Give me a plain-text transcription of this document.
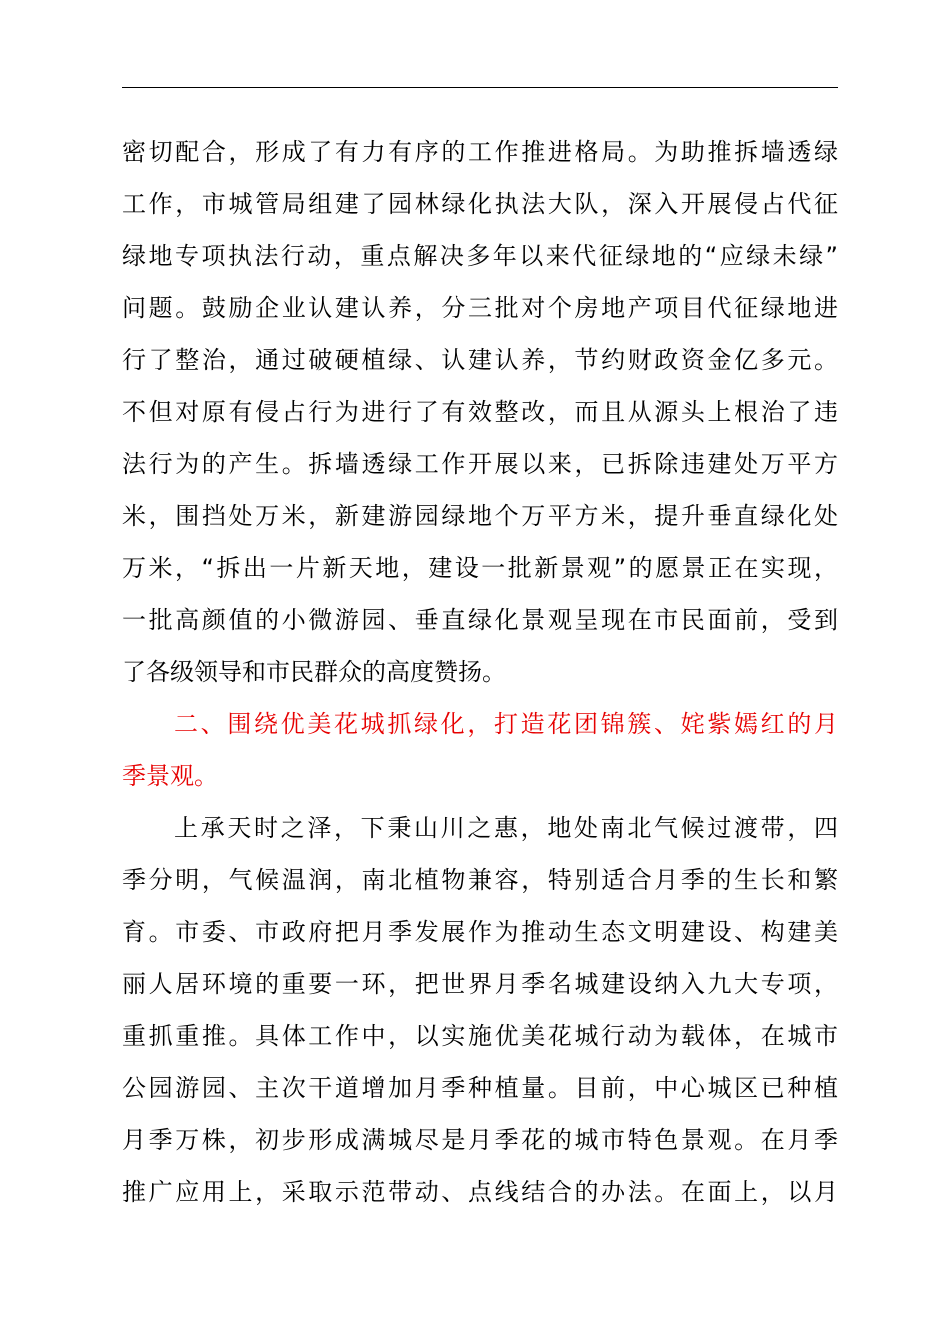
密切配合，形成了有力有序的工作推进格局。为助推拆墙透绿
工作，市城管局组建了园林绿化执法大队，深入开展侵占代征
绿地专项执法行动，重点解决多年以来代征绿地的“应绿未绿”
问题。鼓励企业认建认养，分三批对个房地产项目代征绿地进
行了整治，通过破硬植绿、认建认养，节约财政资金亿多元。
不但对原有侵占行为进行了有效整改，而且从源头上根治了违
法行为的产生。拆墙透绿工作开展以来，已拆除违建处万平方
米，围挡处万米，新建游园绿地个万平方米，提升垂直绿化处
万米，“拆出一片新天地，建设一批新景观”的愿景正在实现，
一批高颜值的小微游园、垂直绿化景观呈现在市民面前，受到
了各级领导和市民群众的高度赞扬。
二、围绕优美花城抓绿化，打造花团锦簇、姹紫嫣红的月
季景观。
上承天时之泽，下秉山川之惠，地处南北气候过渡带，四
季分明，气候温润，南北植物兼容，特别适合月季的生长和繁
育。市委、市政府把月季发展作为推动生态文明建设、构建美
丽人居环境的重要一环，把世界月季名城建设纳入九大专项，
重抓重推。具体工作中，以实施优美花城行动为载体，在城市
公园游园、主次干道增加月季种植量。目前，中心城区已种植
月季万株，初步形成满城尽是月季花的城市特色景观。在月季
推广应用上，采取示范带动、点线结合的办法。在面上，以月
